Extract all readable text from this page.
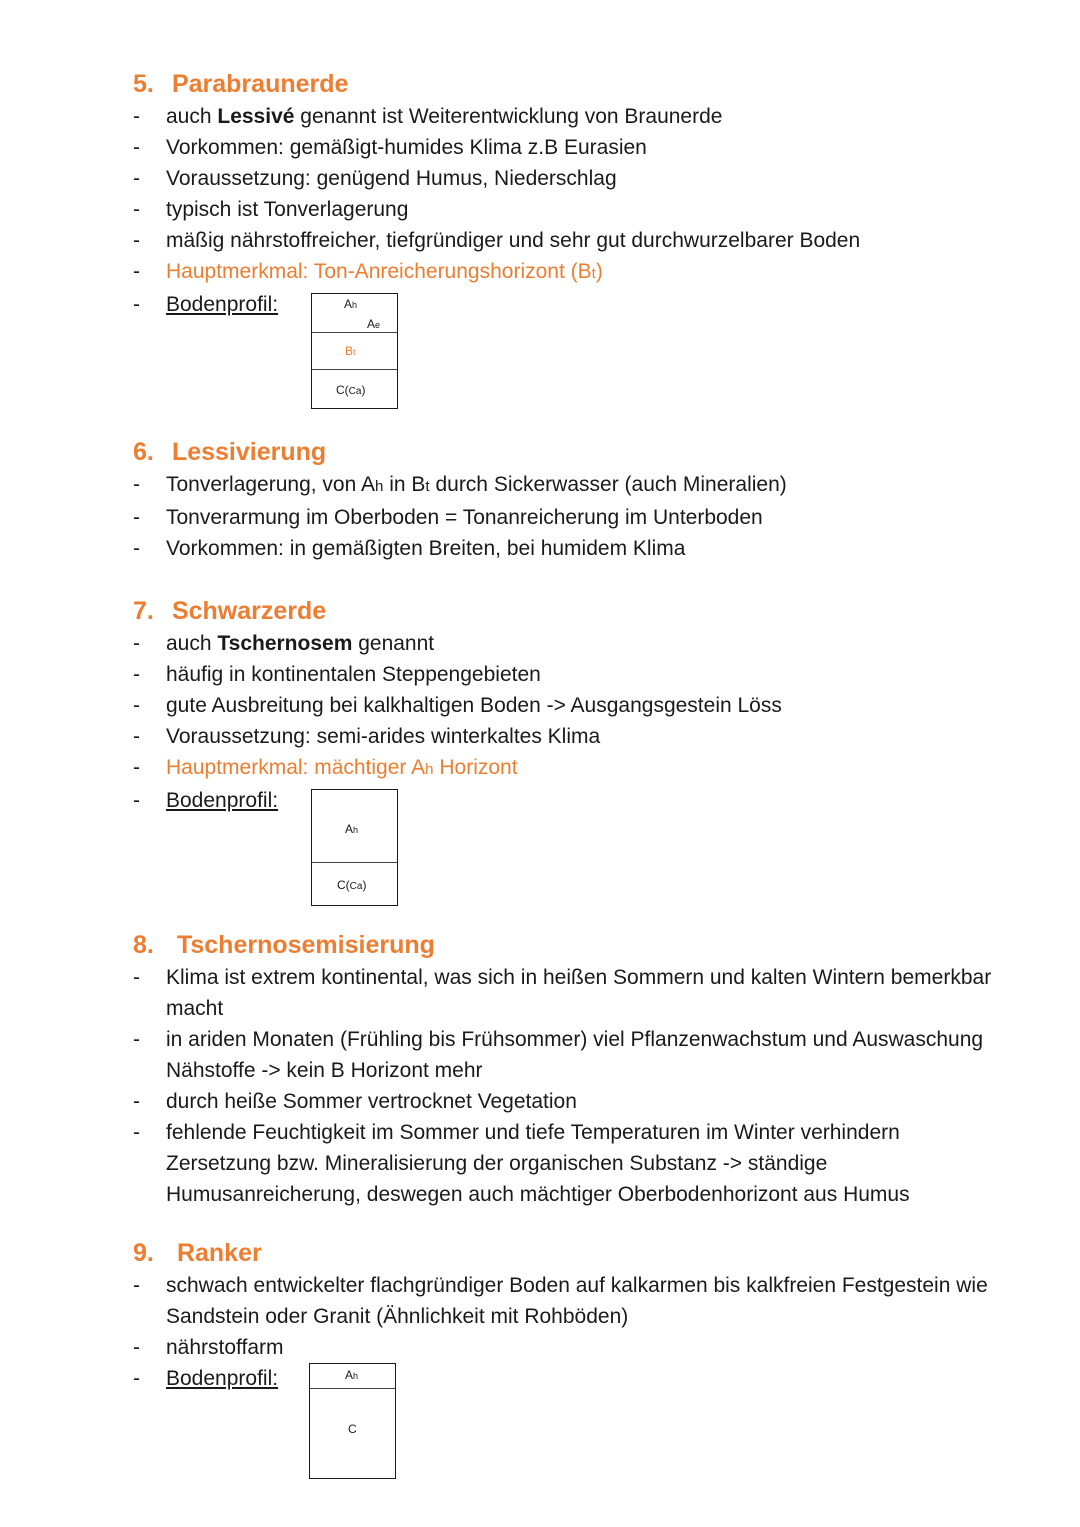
5. Parabraunerde
-	auch Lessivé genannt ist Weiterentwicklung von Braunerde
-	Vorkommen: gemäßigt-humides Klima z.B Eurasien
-	Voraussetzung: genügend Humus, Niederschlag
-	typisch ist Tonverlagerung
-	mäßig nährstoffreicher, tiefgründiger und sehr gut durchwurzelbarer Boden
-	Hauptmerkmal: Ton-Anreicherungshorizont (Bt)
-	Bodenprofil:	Ah
Ae
Bt
C(Ca)
6. Lessivierung
-	Tonverlagerung, von Ah in Bt durch Sickerwasser (auch Mineralien)
-	Tonverarmung im Oberboden = Tonanreicherung im Unterboden
-	Vorkommen: in gemäßigten Breiten, bei humidem Klima
7. Schwarzerde
-	auch Tschernosem genannt
-	häufig in kontinentalen Steppengebieten
-	gute Ausbreitung bei kalkhaltigen Boden -> Ausgangsgestein Löss
-	Voraussetzung: semi-arides winterkaltes Klima
-	Hauptmerkmal: mächtiger Ah Horizont
-	Bodenprofil:
Ah
C(Ca)
8. Tschernosemisierung
-	Klima ist extrem kontinental, was sich in heißen Sommern und kalten Wintern bemerkbar macht
-	in ariden Monaten (Frühling bis Frühsommer) viel Pflanzenwachstum und Auswaschung Nähstoffe -> kein B Horizont mehr
-	durch heiße Sommer vertrocknet Vegetation
-	fehlende Feuchtigkeit im Sommer und tiefe Temperaturen im Winter verhindern Zersetzung bzw. Mineralisierung der organischen Substanz -> ständige Humusanreicherung, deswegen auch mächtiger Oberbodenhorizont aus Humus
9. Ranker
-	schwach entwickelter flachgründiger Boden auf kalkarmen bis kalkfreien Festgestein wie Sandstein oder Granit (Ähnlichkeit mit Rohböden)
-	nährstoffarm
-	Bodenprofil:	Ah
C
